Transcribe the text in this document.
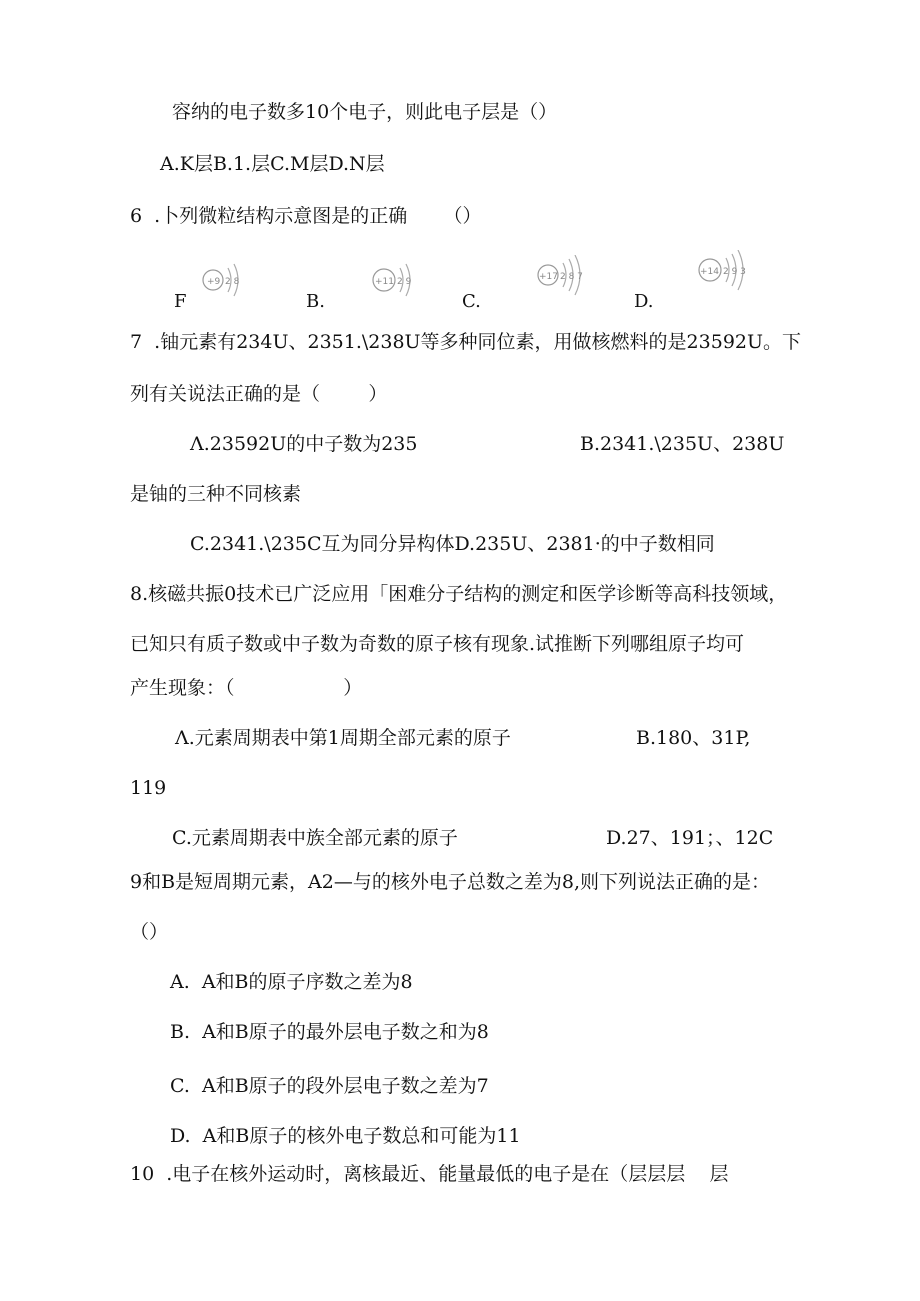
容纳的电子数多10个电子，则此电子层是（）
A.K层B.1.层C.M层D.N层
6  .卜列微粒结构示意图是的正确      （）
+9 2 8
F
+11 2 9
B.
+17 2 8 7
C.
+14 2 9 3
D.
7  .铀元素有234U、2351.\238U等多种同位素，用做核燃料的是23592U。下
列有关说法正确的是（        ）
Λ.23592U的中子数为235	B.2341.\235U、238U
是铀的三种不同核素
C.2341.\235C互为同分异构体D.235U、2381·的中子数相同
8.核磁共振0技术已广泛应用「困难分子结构的测定和医学诊断等高科技领域，
已知只有质子数或中子数为奇数的原子核有现象.试推断下列哪组原子均可
产生现象：（                  ）
Λ.元素周期表中第1周期全部元素的原子	B.180、31P,
119
C.元素周期表中族全部元素的原子	D.27、191；、12C
9和B是短周期元素，A2—与的核外电子总数之差为8,则下列说法正确的是：
（）
A.  A和B的原子序数之差为8
B.  A和B原子的最外层电子数之和为8
C.  A和B原子的段外层电子数之差为7
D.  A和B原子的核外电子数总和可能为11
10  .电子在核外运动时，离核最近、能量最低的电子是在（层层层    层
